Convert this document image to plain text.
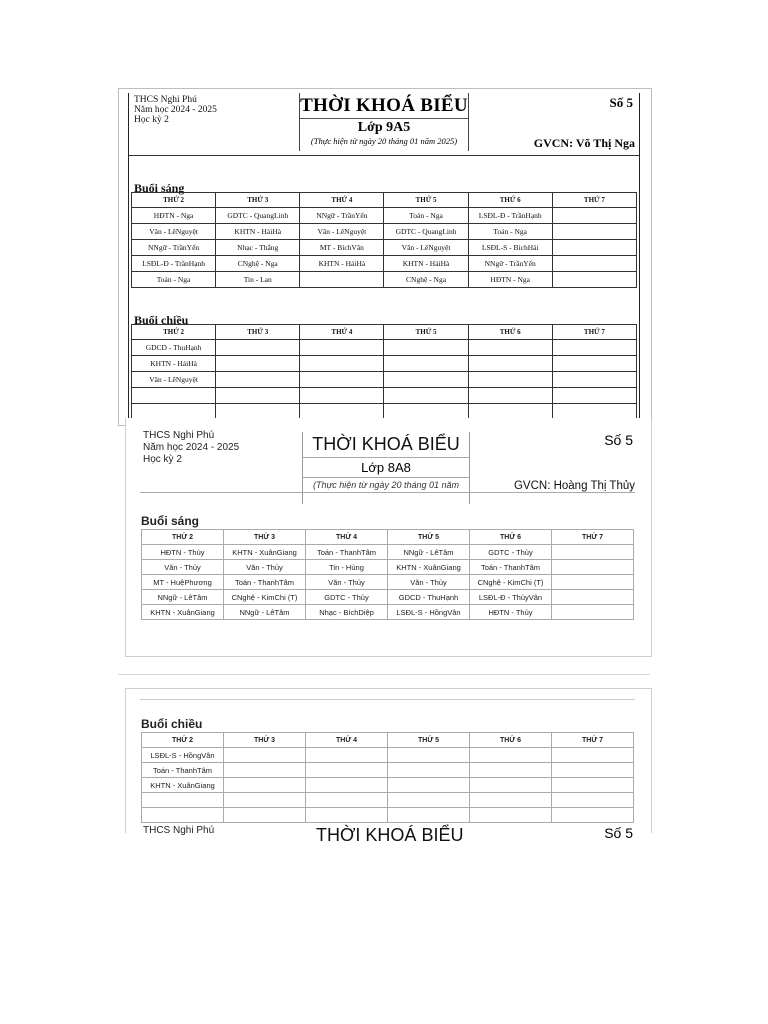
THCS Nghi Phú
Năm học 2024 - 2025
Học kỳ 2
THỜI KHOÁ BIỂU
Lớp 9A5
(Thực hiện từ ngày 20 tháng 01 năm 2025)
Số 5
GVCN: Võ Thị Nga
Buổi sáng
THỨ 2	THỨ 3	THỨ 4	THỨ 5	THỨ 6	THỨ 7
HĐTN - Nga	GDTC - QuangLinh	NNgữ - TrầnYến	Toán - Nga	LSĐL-Đ - TrầnHạnh	
Văn - LêNguyệt	KHTN - HảiHà	Văn - LêNguyệt	GDTC - QuangLinh	Toán - Nga	
NNgữ - TrầnYến	Nhạc - Thắng	MT - BíchVân	Văn - LêNguyệt	LSĐL-S - BíchHải	
LSĐL-Đ - TrầnHạnh	CNghệ - Nga	KHTN - HảiHà	KHTN - HảiHà	NNgữ - TrầnYến	
Toán - Nga	Tin - Lan		CNghệ - Nga	HĐTN - Nga	
Buổi chiều
THỨ 2	THỨ 3	THỨ 4	THỨ 5	THỨ 6	THỨ 7
GDCD - ThuHạnh					
KHTN - HảiHà					
Văn - LêNguyệt					

THCS Nghi Phú
Năm học 2024 - 2025
Học kỳ 2
THỜI KHOÁ BIỂU
Lớp 8A8
(Thực hiện từ ngày 20 tháng 01 năm
Số 5
GVCN: Hoàng Thị Thủy
Buổi sáng
THỨ 2	THỨ 3	THỨ 4	THỨ 5	THỨ 6	THỨ 7
HĐTN - Thủy	KHTN - XuânGiang	Toán - ThanhTâm	NNgữ - LêTâm	GDTC - Thủy	
Văn - Thủy	Văn - Thủy	Tin - Hùng	KHTN - XuânGiang	Toán - ThanhTâm	
MT - HuệPhương	Toán - ThanhTâm	Văn - Thủy	Văn - Thủy	CNghệ - KimChi (T)	
NNgữ - LêTâm	CNghệ - KimChi (T)	GDTC - Thủy	GDCD - ThuHạnh	LSĐL-Đ - ThủyVân	
KHTN - XuânGiang	NNgữ - LêTâm	Nhạc - BíchDiệp	LSĐL-S - HồngVân	HĐTN - Thủy	
Buổi chiều
THỨ 2	THỨ 3	THỨ 4	THỨ 5	THỨ 6	THỨ 7
LSĐL-S - HồngVân					
Toán - ThanhTâm					
KHTN - XuânGiang					

THCS Nghi Phú	THỜI KHOÁ BIỂU	Số 5
